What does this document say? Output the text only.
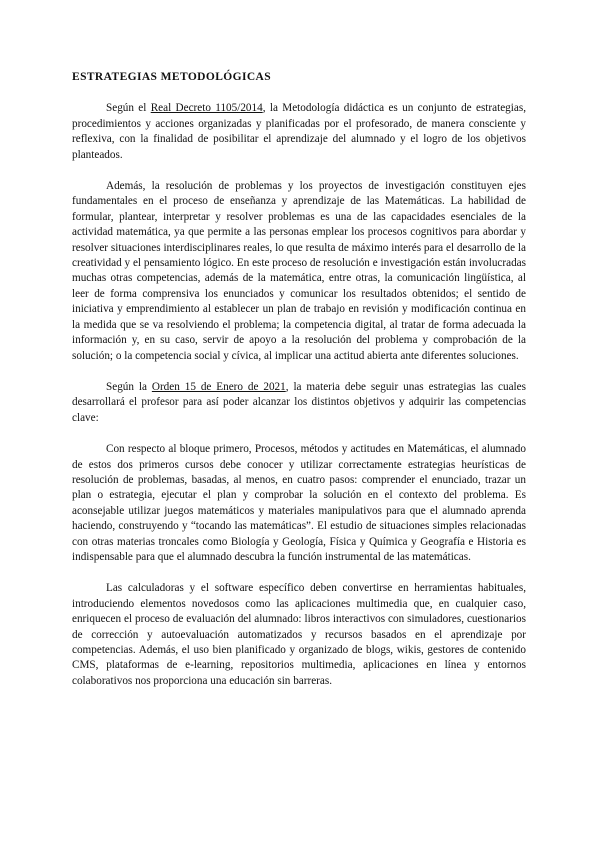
ESTRATEGIAS METODOLÓGICAS

Según el Real Decreto 1105/2014, la Metodología didáctica es un conjunto de estrategias, procedimientos y acciones organizadas y planificadas por el profesorado, de manera consciente y reflexiva, con la finalidad de posibilitar el aprendizaje del alumnado y el logro de los objetivos planteados.

Además, la resolución de problemas y los proyectos de investigación constituyen ejes fundamentales en el proceso de enseñanza y aprendizaje de las Matemáticas. La habilidad de formular, plantear, interpretar y resolver problemas es una de las capacidades esenciales de la actividad matemática, ya que permite a las personas emplear los procesos cognitivos para abordar y resolver situaciones interdisciplinares reales, lo que resulta de máximo interés para el desarrollo de la creatividad y el pensamiento lógico. En este proceso de resolución e investigación están involucradas muchas otras competencias, además de la matemática, entre otras, la comunicación lingüística, al leer de forma comprensiva los enunciados y comunicar los resultados obtenidos; el sentido de iniciativa y emprendimiento al establecer un plan de trabajo en revisión y modificación continua en la medida que se va resolviendo el problema; la competencia digital, al tratar de forma adecuada la información y, en su caso, servir de apoyo a la resolución del problema y comprobación de la solución; o la competencia social y cívica, al implicar una actitud abierta ante diferentes soluciones.

Según la Orden 15 de Enero de 2021, la materia debe seguir unas estrategias las cuales desarrollará el profesor para así poder alcanzar los distintos objetivos y adquirir las competencias clave:

Con respecto al bloque primero, Procesos, métodos y actitudes en Matemáticas, el alumnado de estos dos primeros cursos debe conocer y utilizar correctamente estrategias heurísticas de resolución de problemas, basadas, al menos, en cuatro pasos: comprender el enunciado, trazar un plan o estrategia, ejecutar el plan y comprobar la solución en el contexto del problema. Es aconsejable utilizar juegos matemáticos y materiales manipulativos para que el alumnado aprenda haciendo, construyendo y “tocando las matemáticas”. El estudio de situaciones simples relacionadas con otras materias troncales como Biología y Geología, Física y Química y Geografía e Historia es indispensable para que el alumnado descubra la función instrumental de las matemáticas.

Las calculadoras y el software específico deben convertirse en herramientas habituales, introduciendo elementos novedosos como las aplicaciones multimedia que, en cualquier caso, enriquecen el proceso de evaluación del alumnado: libros interactivos con simuladores, cuestionarios de corrección y autoevaluación automatizados y recursos basados en el aprendizaje por competencias. Además, el uso bien planificado y organizado de blogs, wikis, gestores de contenido CMS, plataformas de e-learning, repositorios multimedia, aplicaciones en línea y entornos colaborativos nos proporciona una educación sin barreras.
